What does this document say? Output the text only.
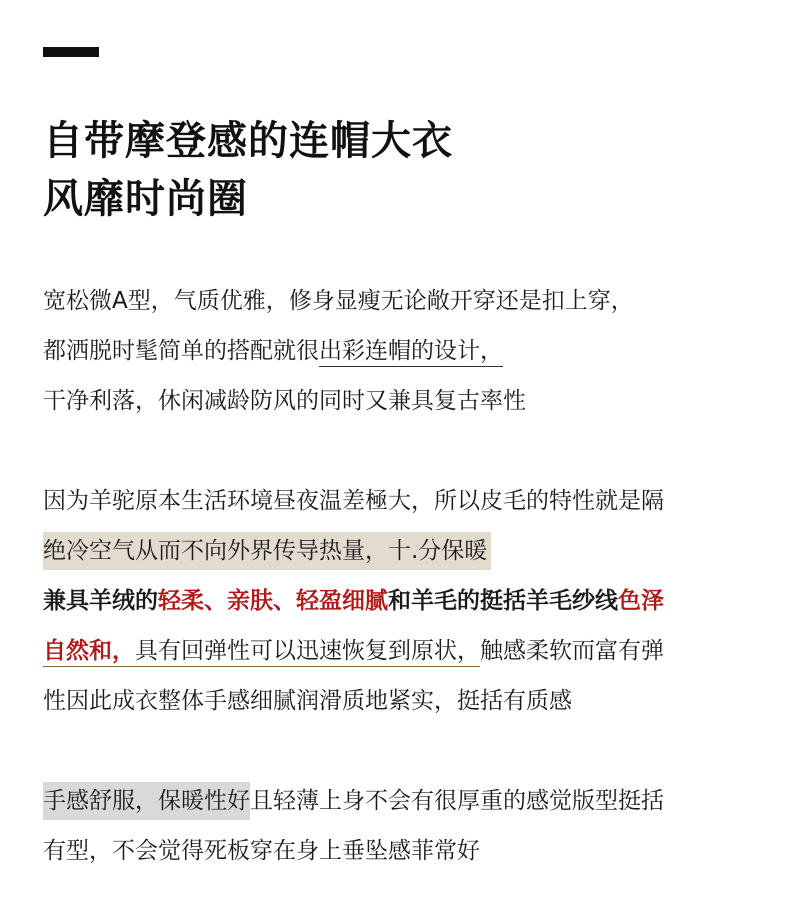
自带摩登感的连帽大衣
风靡时尚圈

宽松微A型，气质优雅，修身显瘦无论敞开穿还是扣上穿，
都洒脱时髦简单的搭配就很出彩连帽的设计，
干净利落，休闲减龄防风的同时又兼具复古率性

因为羊驼原本生活环境昼夜温差極大，所以皮毛的特性就是隔
绝冷空气从而不向外界传导热量，十.分保暖
兼具羊绒的轻柔、亲肤、轻盈细腻和羊毛的挺括羊毛纱线色泽
自然和，具有回弹性可以迅速恢复到原状，触感柔软而富有弹
性因此成衣整体手感细腻润滑质地紧实，挺括有质感

手感舒服，保暖性好且轻薄上身不会有很厚重的感觉版型挺括
有型，不会觉得死板穿在身上垂坠感菲常好
